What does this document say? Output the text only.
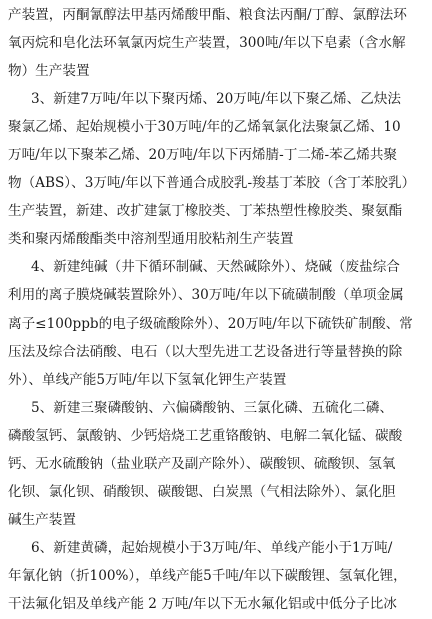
产装置，丙酮氰醇法甲基丙烯酸甲酯、粮食法丙酮/丁醇、氯醇法环
氧丙烷和皂化法环氧氯丙烷生产装置，300吨/年以下皂素（含水解
物）生产装置
3、新建7万吨/年以下聚丙烯、20万吨/年以下聚乙烯、乙炔法
聚氯乙烯、起始规模小于30万吨/年的乙烯氧氯化法聚氯乙烯、10
万吨/年以下聚苯乙烯、20万吨/年以下丙烯腈-丁二烯-苯乙烯共聚
物（ABS）、3万吨/年以下普通合成胶乳-羧基丁苯胶（含丁苯胶乳）
生产装置，新建、改扩建氯丁橡胶类、丁苯热塑性橡胶类、聚氨酯
类和聚丙烯酸酯类中溶剂型通用胶粘剂生产装置
4、新建纯碱（井下循环制碱、天然碱除外）、烧碱（废盐综合
利用的离子膜烧碱装置除外）、30万吨/年以下硫磺制酸（单项金属
离子≤100ppb的电子级硫酸除外）、20万吨/年以下硫铁矿制酸、常
压法及综合法硝酸、电石（以大型先进工艺设备进行等量替换的除
外）、单线产能5万吨/年以下氢氧化钾生产装置
5、新建三聚磷酸钠、六偏磷酸钠、三氯化磷、五硫化二磷、
磷酸氢钙、氯酸钠、少钙焙烧工艺重铬酸钠、电解二氧化锰、碳酸
钙、无水硫酸钠（盐业联产及副产除外）、碳酸钡、硫酸钡、氢氧
化钡、氯化钡、硝酸钡、碳酸锶、白炭黑（气相法除外）、氯化胆
碱生产装置
6、新建黄磷，起始规模小于3万吨/年、单线产能小于1万吨/
年氰化钠（折100%），单线产能5千吨/年以下碳酸锂、氢氧化锂，
干法氟化铝及单线产能 2 万吨/年以下无水氟化铝或中低分子比冰
